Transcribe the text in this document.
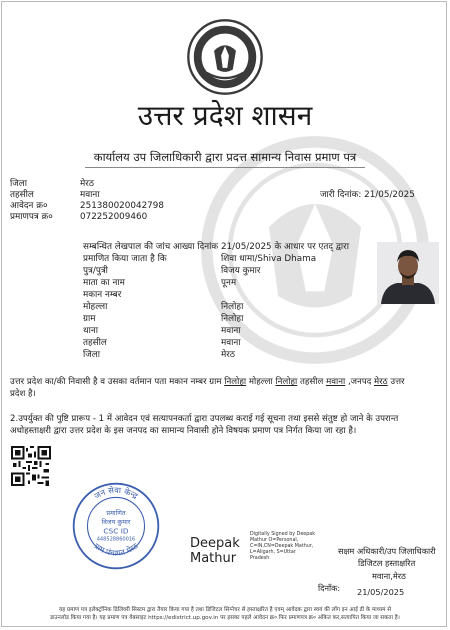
उत्तर प्रदेश शासन
कार्यालय उप जिलाधिकारी द्वारा प्रदत्त सामान्य निवास प्रमाण पत्र
जिला	मेरठ
तहसील	मवाना
आवेदन क्र०	251380020042798
प्रमाणपत्र क्र०	072252009460
जारी दिनांक: 21/05/2025
सम्बन्धित लेखपाल की जांच आख्या दिनांक 21/05/2025 के आधार पर एतद् द्वारा
प्रमाणित किया जाता है कि	शिवा धामा/Shiva Dhama
पुत्र/पुत्री	विजय कुमार
माता का नाम	पूनम
मकान नम्बर
मोहल्ला	निलोहा
ग्राम	निलोहा
थाना	मवाना
तहसील	मवाना
जिला	मेरठ
उत्तर प्रदेश का/की निवासी है व उसका वर्तमान पता मकान नम्बर ग्राम निलोहा मोहल्ला निलोहा तहसील मवाना ,जनपद मेरठ उत्तर
प्रदेश है।
2.उपर्युक्त की पुष्टि प्रारूप - 1 में आवेदन एवं सत्यापनकर्ता द्वारा उपलब्ध कराई गई सूचना तथा इससे संतुष्ट हो जाने के उपरान्त
अधोहस्ताक्षरी द्वारा उत्तर प्रदेश के इस जनपद का सामान्य निवासी होने विषयक प्रमाण पत्र निर्गत किया जा रहा है।
जन सेवा केन्द्र
ग्राम पंचायत मेरठ
प्रमाणित
विजय कुमार
CSC ID
448528860016	Deepak
Mathur
Digitally Signed by Deepak
Mathur O=Personal,
C=IN,CN=Deepak Mathur,
L=Aligarh, S=Uttar
Pradesh
सक्षम अधिकारी/उप जिलाधिकारी
डिजिटल हस्ताक्षरित
मवाना,मेरठ
दिनाँक: 21/05/2025
यह प्रमाण पत्र इलेक्ट्रॉनिक डिलिवरी सिस्टम द्वारा तैयार किया गया है तथा डिजिटल सिग्नेचर से हस्ताक्षरित है एवम् आवेदक द्वारा स्वयं की लॉग इन आई डी के माध्यम से
डाउनलोड किया गया है। यह प्रमाण पत्र वेबसाइट https://edistrict.up.gov.in पर इसका पहले आवेदन क्र० फिर प्रमाणपत्र क्र० अंकित कर,सत्यापित किया जा सकता है।
